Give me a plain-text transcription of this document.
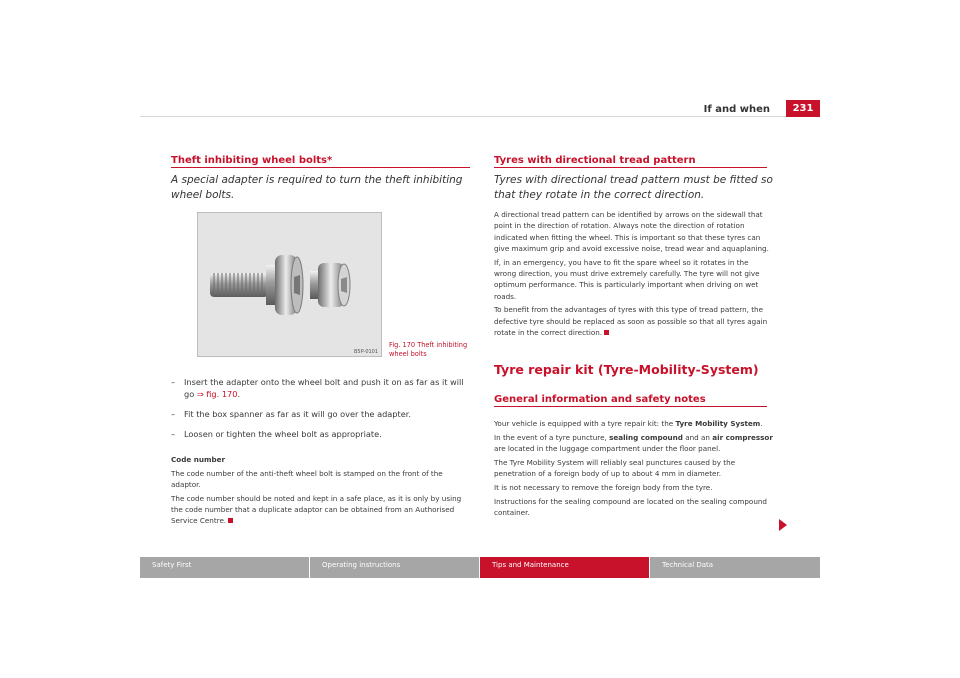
If and when	231
Theft inhibiting wheel bolts*
A special adapter is required to turn the theft inhibiting wheel bolts.
B5P-0101
Fig. 170 Theft inhibiting wheel bolts
– Insert the adapter onto the wheel bolt and push it on as far as it will go ⇒ fig. 170.
– Fit the box spanner as far as it will go over the adapter.
– Loosen or tighten the wheel bolt as appropriate.

Code number

The code number of the anti-theft wheel bolt is stamped on the front of the adaptor.

The code number should be noted and kept in a safe place, as it is only by using the code number that a duplicate adaptor can be obtained from an Authorised Service Centre.

Tyres with directional tread pattern
Tyres with directional tread pattern must be fitted so that they rotate in the correct direction.

A directional tread pattern can be identified by arrows on the sidewall that point in the direction of rotation. Always note the direction of rotation indicated when fitting the wheel. This is important so that these tyres can give maximum grip and avoid excessive noise, tread wear and aquaplaning.

If, in an emergency, you have to fit the spare wheel so it rotates in the wrong direction, you must drive extremely carefully. The tyre will not give optimum performance. This is particularly important when driving on wet roads.

To benefit from the advantages of tyres with this type of tread pattern, the defective tyre should be replaced as soon as possible so that all tyres again rotate in the correct direction.

Tyre repair kit (Tyre-Mobility-System)
General information and safety notes

Your vehicle is equipped with a tyre repair kit: the Tyre Mobility System.

In the event of a tyre puncture, sealing compound and an air compressor are located in the luggage compartment under the floor panel.

The Tyre Mobility System will reliably seal punctures caused by the penetration of a foreign body of up to about 4 mm in diameter.

It is not necessary to remove the foreign body from the tyre.

Instructions for the sealing compound are located on the sealing compound container.

Safety First	Operating instructions	Tips and Maintenance	Technical Data
